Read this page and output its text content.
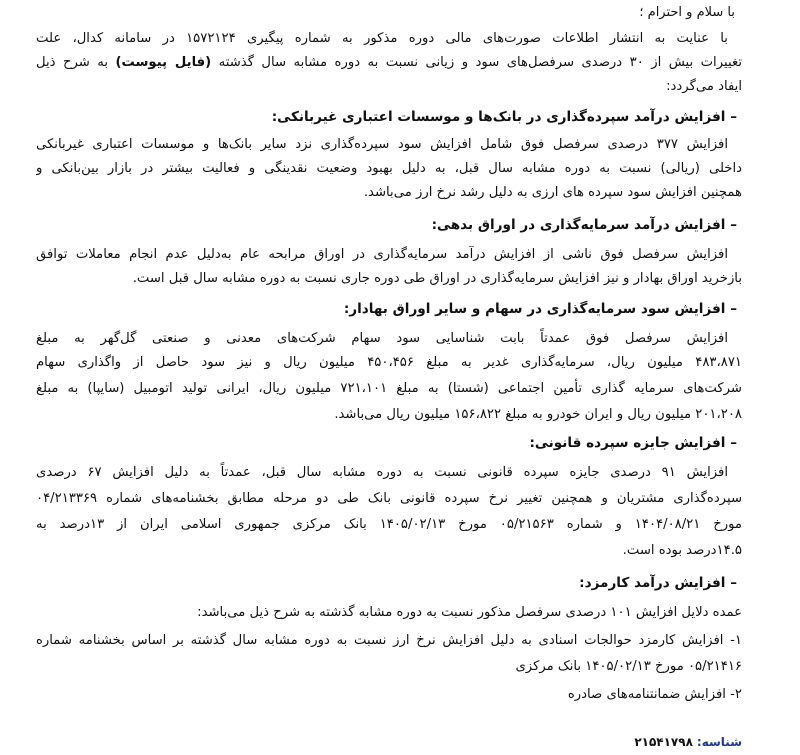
با سلام و احترام ؛
با عنایت به انتشار اطلاعات صورت‌های مالی دوره مذکور به شماره پیگیری ۱۵۷۲۱۲۴ در سامانه کدال، علت
تغییرات بیش از ۳۰ درصدی سرفصل‌های سود و زیانی نسبت به دوره مشابه سال گذشته (فایل پیوست) به شرح ذیل
ایفاد می‌گردد:
– افزایش درآمد سپرده‌گذاری در بانک‌ها و موسسات اعتباری غیربانکی:
افزایش ۳۷۷ درصدی سرفصل فوق شامل افزایش سود سپرده‌گذاری نزد سایر بانک‌ها و موسسات اعتباری غیربانکی
داخلی (ریالی) نسبت به دوره مشابه سال قبل، به دلیل بهبود وضعیت نقدینگی و فعالیت بیشتر در بازار بین‌بانکی و
همچنین افزایش سود سپرده های ارزی به دلیل رشد نرخ ارز می‌باشد.
– افزایش درآمد سرمایه‌گذاری در اوراق بدهی:
افزایش سرفصل فوق ناشی از افزایش درآمد سرمایه‌گذاری در اوراق مرابحه عام به‌دلیل عدم انجام معاملات توافق
بازخرید اوراق بهادار و نیز افزایش سرمایه‌گذاری در اوراق طی دوره جاری نسبت به دوره مشابه سال قبل است.
– افزایش سود سرمایه‌گذاری در سهام و سایر اوراق بهادار:
افزایش سرفصل فوق عمدتاً بابت شناسایی سود سهام شرکت‌های معدنی و صنعتی گل‌گهر به مبلغ
۴۸۳،۸۷۱ میلیون ریال، سرمایه‌گذاری غدیر به مبلغ ۴۵۰،۴۵۶ میلیون ریال و نیز سود حاصل از واگذاری سهام
شرکت‌های سرمایه گذاری تأمین اجتماعی (شستا) به مبلغ ۷۲۱،۱۰۱ میلیون ریال، ایرانی تولید اتومبیل (سایپا) به مبلغ
۲۰۱،۲۰۸ میلیون ریال و ایران خودرو به مبلغ ۱۵۶،۸۲۲ میلیون ریال می‌باشد.
– افزایش جایزه سپرده قانونی:
افزایش ۹۱ درصدی جایزه سپرده قانونی نسبت به دوره مشابه سال قبل، عمدتاً به دلیل افزایش ۶۷ درصدی
سپرده‌گذاری مشتریان و همچنین تغییر نرخ سپرده قانونی بانک طی دو مرحله مطابق بخشنامه‌های شماره ۰۴/۲۱۳۳۶۹
مورخ ۱۴۰۴/۰۸/۲۱ و شماره ۰۵/۲۱۵۶۳ مورخ ۱۴۰۵/۰۲/۱۳ بانک مرکزی جمهوری اسلامی ایران از ۱۳درصد به
۱۴.۵درصد بوده است.
– افزایش درآمد کارمزد:
عمده دلایل افزایش ۱۰۱ درصدی سرفصل مذکور نسبت به دوره مشابه گذشته به شرح ذیل می‌باشد:
۱- افزایش کارمزد حوالجات اسنادی به دلیل افزایش نرخ ارز نسبت به دوره مشابه سال گذشته بر اساس بخشنامه شماره
۰۵/۲۱۴۱۶ مورخ ۱۴۰۵/۰۲/۱۳ بانک مرکزی
۲- افزایش ضمانتنامه‌های صادره
شناسه:۲۱۵۴۱۷۹۸
